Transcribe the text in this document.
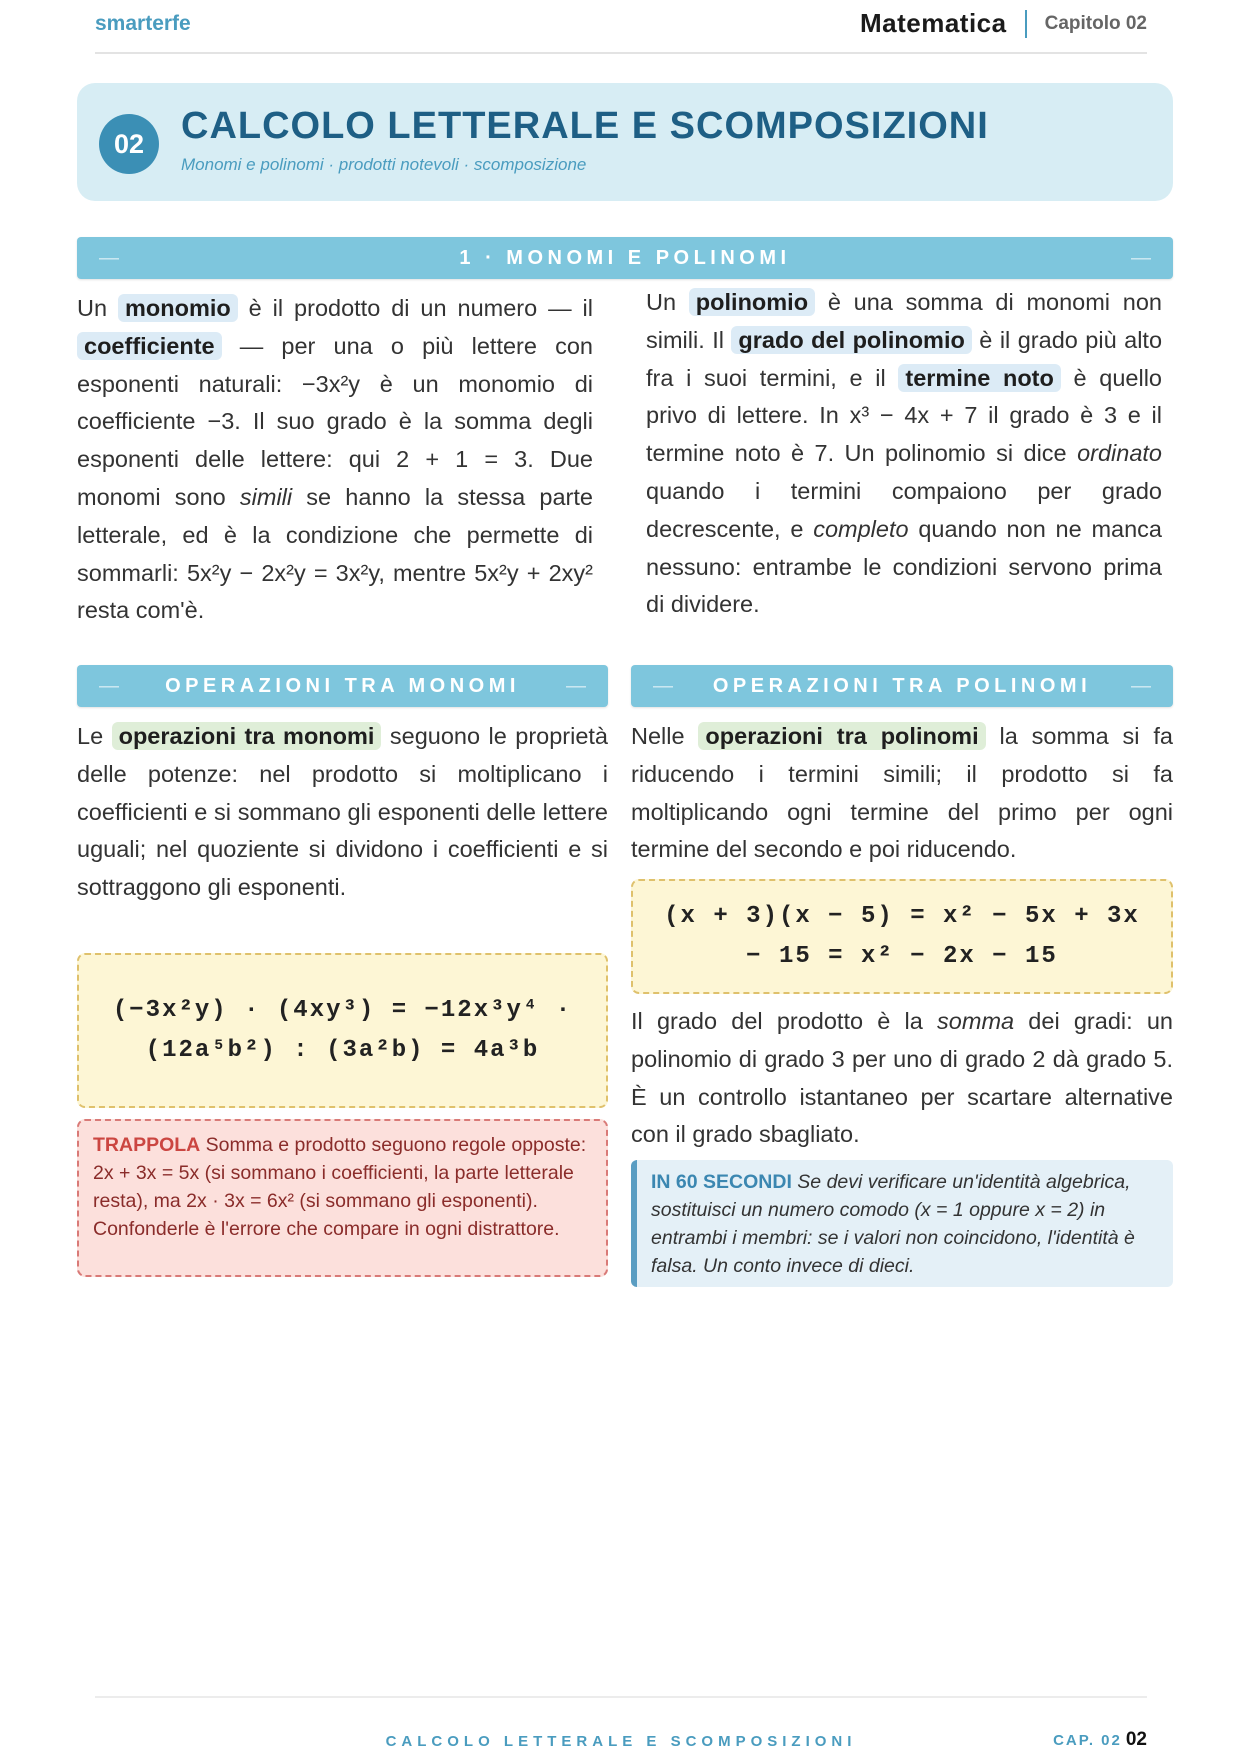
smarterfe	Matematica Capitolo 02
02 CALCOLO LETTERALE E SCOMPOSIZIONI
Monomi e polinomi · prodotti notevoli · scomposizione
—	1 · MONOMI E POLINOMI	—

Un monomio è il prodotto di un numero — il coefficiente — per una o più lettere con esponenti naturali: −3x²y è un monomio di coefficiente −3. Il suo grado è la somma degli esponenti delle lettere: qui 2 + 1 = 3. Due monomi sono simili se hanno la stessa parte letterale, ed è la condizione che permette di sommarli: 5x²y − 2x²y = 3x²y, mentre 5x²y + 2xy² resta com'è.

Un polinomio è una somma di monomi non simili. Il grado del polinomio è il grado più alto fra i suoi termini, e il termine noto è quello privo di lettere. In x³ − 4x + 7 il grado è 3 e il termine noto è 7. Un polinomio si dice ordinato quando i termini compaiono per grado decrescente, e completo quando non ne manca nessuno: entrambe le condizioni servono prima di dividere.

— OPERAZIONI TRA MONOMI —	— OPERAZIONI TRA POLINOMI —

Le operazioni tra monomi seguono le proprietà delle potenze: nel prodotto si moltiplicano i coefficienti e si sommano gli esponenti delle lettere uguali; nel quoziente si dividono i coefficienti e si sottraggono gli esponenti.

(−3x²y) · (4xy³) = −12x³y⁴ · (12a⁵b²) : (3a²b) = 4a³b
TRAPPOLA Somma e prodotto seguono regole opposte: 2x + 3x = 5x (si sommano i coefficienti, la parte letterale resta), ma 2x · 3x = 6x² (si sommano gli esponenti). Confonderle è l'errore che compare in ogni distrattore.

Nelle operazioni tra polinomi la somma si fa riducendo i termini simili; il prodotto si fa moltiplicando ogni termine del primo per ogni termine del secondo e poi riducendo.

(x + 3)(x − 5) = x² − 5x + 3x − 15 = x² − 2x − 15

Il grado del prodotto è la somma dei gradi: un polinomio di grado 3 per uno di grado 2 dà grado 5. È un controllo istantaneo per scartare alternative con il grado sbagliato.

IN 60 SECONDI Se devi verificare un'identità algebrica, sostituisci un numero comodo (x = 1 oppure x = 2) in entrambi i membri: se i valori non coincidono, l'identità è falsa. Un conto invece di dieci.
CALCOLO LETTERALE E SCOMPOSIZIONI	CAP. 02 02
